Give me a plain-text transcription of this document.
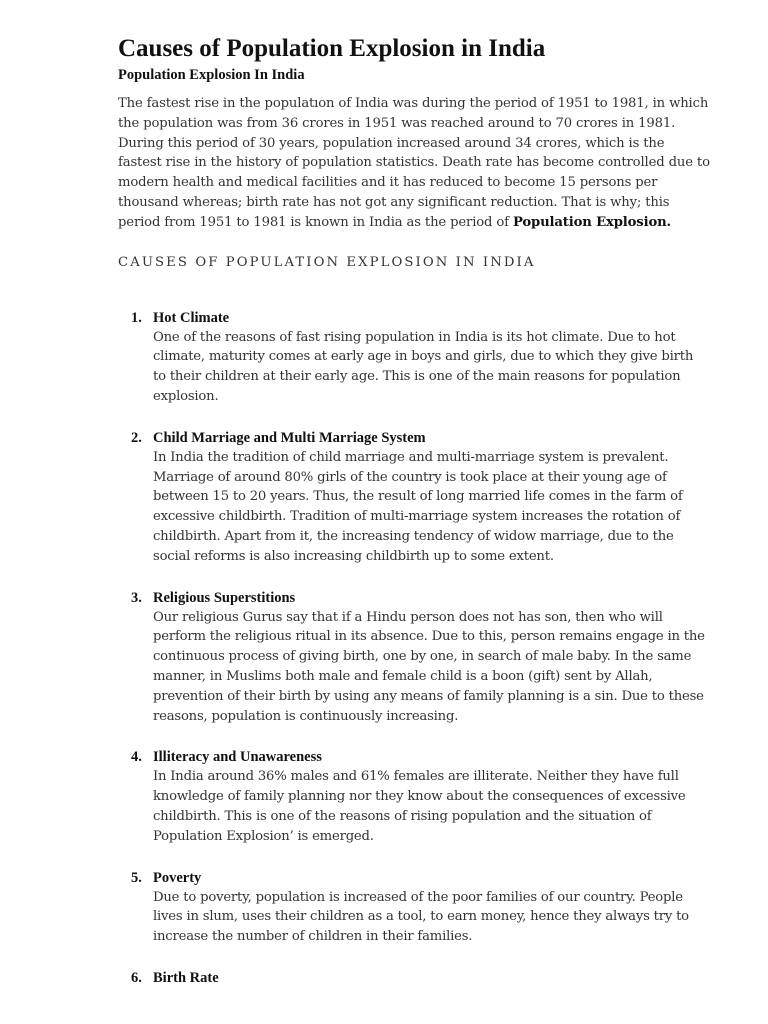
Causes of Population Explosion in India
Population Explosion In India

The fastest rise in the populatıon of India was during the period of 1951 to 1981, in which the population was from 36 crores in 1951 was reached around to 70 crores in 1981. During this period of 30 years, population increased around 34 crores, which is the fastest rise in the history of population statistics. Death rate has become controlled due to modern health and medical facilities and it has reduced to become 15 persons per thousand whereas; birth rate has not got any significant reduction. That is why; this period from 1951 to 1981 is known in India as the period of Population Explosion.

CAUSES OF POPULATION EXPLOSION IN INDIA
1. Hot Climate
One of the reasons of fast rising population in India is its hot climate. Due to hot climate, maturity comes at early age in boys and girls, due to which they give birth to their children at their early age. This is one of the main reasons for population explosion.
2. Child Marriage and Multi Marriage System
In India the tradition of child marriage and multi-marriage system is prevalent. Marriage of around 80% girls of the country is took place at their young age of between 15 to 20 years. Thus, the result of long married life comes in the farm of excessive childbirth. Tradition of multi-marriage system increases the rotation of childbirth. Apart from it, the increasing tendency of widow marriage, due to the social reforms is also increasing childbirth up to some extent.
3. Religious Superstitions
Our religious Gurus say that if a Hindu person does not has son, then who will perform the religious ritual in its absence. Due to this, person remains engage in the continuous process of giving birth, one by one, in search of male baby. In the same manner, in Muslims both male and female child is a boon (gift) sent by Allah, prevention of their birth by using any means of family planning is a sin. Due to these reasons, population is continuously increasing.
4. Illiteracy and Unawareness
In India around 36% males and 61% females are illiterate. Neither they have full knowledge of family planning nor they know about the consequences of excessive childbirth. This is one of the reasons of rising population and the situation of Population Explosion’ is emerged.
5. Poverty
Due to poverty, population is increased of the poor families of our country. People lives in slum, uses their children as a tool, to earn money, hence they always try to increase the number of children in their families.
6. Birth Rate
